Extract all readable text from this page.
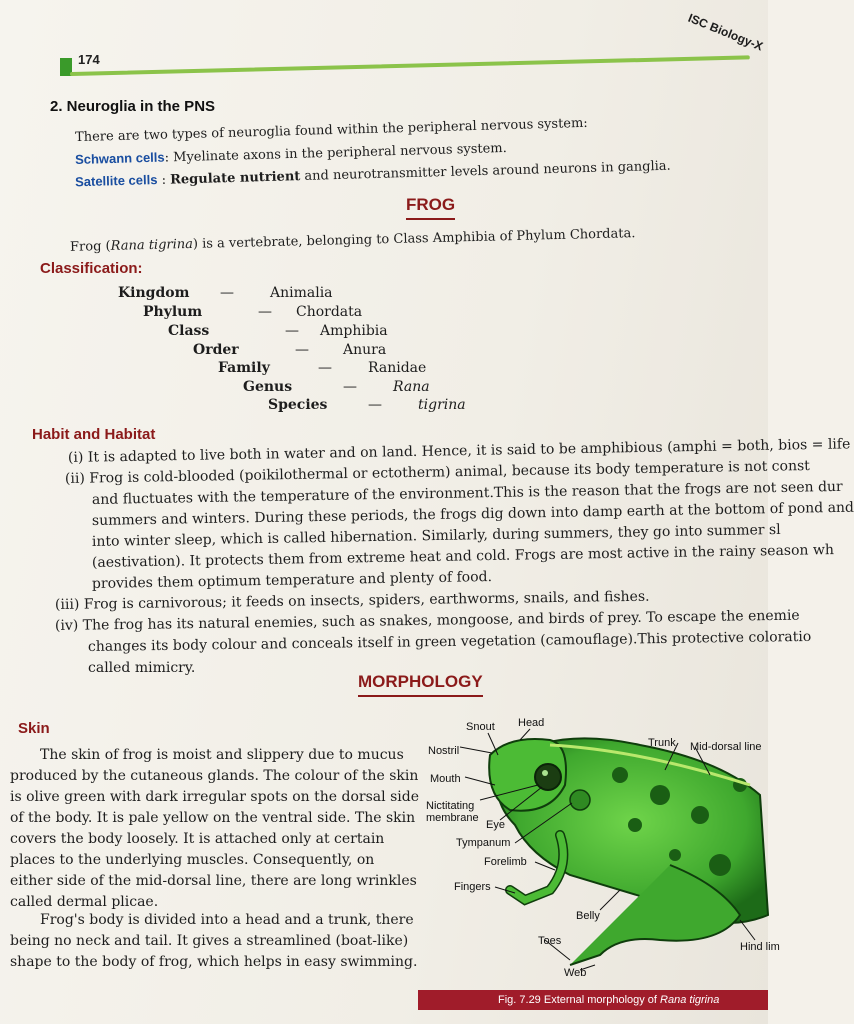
174
ISC Biology-X
2. Neuroglia in the PNS
There are two types of neuroglia found within the peripheral nervous system:
Schwann cells: Myelinate axons in the peripheral nervous system.
Satellite cells : Regulate nutrient and neurotransmitter levels around neurons in ganglia.
FROG
Frog (Rana tigrina) is a vertebrate, belonging to Class Amphibia of Phylum Chordata.
Classification:
Kingdom —	Animalia
Phylum	— Chordata
Class	— Amphibia
Order	— Anura
Family	—	Ranidae
Genus	—	Rana
Species	—	tigrina
Habit and Habitat
(i) It is adapted to live both in water and on land. Hence, it is said to be amphibious (amphi = both, bios = life
(ii) Frog is cold-blooded (poikilothermal or ectotherm) animal, because its body temperature is not const
and fluctuates with the temperature of the environment.This is the reason that the frogs are not seen dur
summers and winters. During these periods, the frogs dig down into damp earth at the bottom of pond and
into winter sleep, which is called hibernation. Similarly, during summers, they go into summer sl
(aestivation). It protects them from extreme heat and cold. Frogs are most active in the rainy season wh
provides them optimum temperature and plenty of food.
(iii) Frog is carnivorous; it feeds on insects, spiders, earthworms, snails, and fishes.
(iv) The frog has its natural enemies, such as snakes, mongoose, and birds of prey. To escape the enemie
changes its body colour and conceals itself in green vegetation (camouflage).This protective coloratio
called mimicry.
MORPHOLOGY
Skin
The skin of frog is moist and slippery due to mucus produced by the cutaneous glands. The colour of the skin is olive green with dark irregular spots on the dorsal side of the body. It is pale yellow on the ventral side. The skin covers the body loosely. It is attached only at certain places to the underlying muscles. Consequently, on either side of the mid-dorsal line, there are long wrinkles called dermal plicae.
Frog's body is divided into a head and a trunk, there being no neck and tail. It gives a streamlined (boat-like) shape to the body of frog, which helps in easy swimming.
Snout Head
Nostril
Mouth
Nictitating
membrane
Eye
Tympanum
Forelimb
Fingers
Trunk Mid-dorsal line
Belly
Toes
Web
Hind lim
Fig. 7.29 External morphology of Rana tigrina
